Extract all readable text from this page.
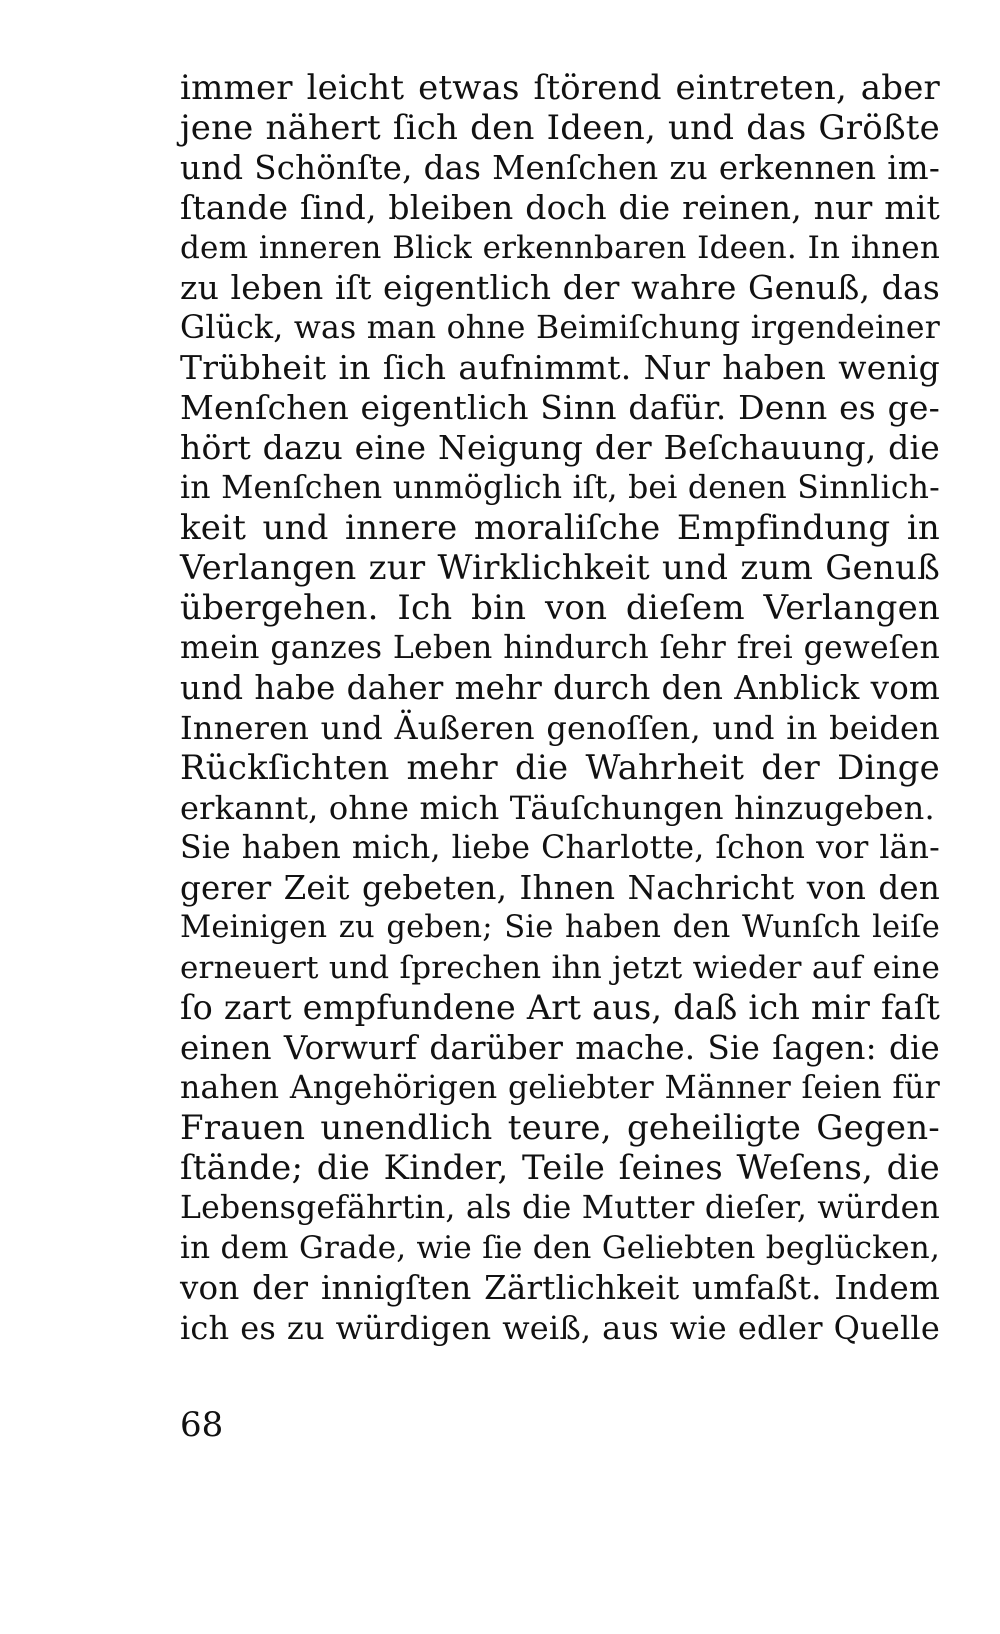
immer leicht etwas ſtörend eintreten, aber
jene nähert ſich den Ideen, und das Größte
und Schönſte, das Menſchen zu erkennen im-
ſtande ſind, bleiben doch die reinen, nur mit
dem inneren Blick erkennbaren Ideen. In ihnen
zu leben iſt eigentlich der wahre Genuß, das
Glück, was man ohne Beimiſchung irgendeiner
Trübheit in ſich aufnimmt. Nur haben wenig
Menſchen eigentlich Sinn dafür. Denn es ge-
hört dazu eine Neigung der Beſchauung, die
in Menſchen unmöglich iſt, bei denen Sinnlich-
keit und innere moraliſche Empfindung in
Verlangen zur Wirklichkeit und zum Genuß
übergehen. Ich bin von dieſem Verlangen
mein ganzes Leben hindurch ſehr frei geweſen
und habe daher mehr durch den Anblick vom
Inneren und Äußeren genoſſen, und in beiden
Rückſichten mehr die Wahrheit der Dinge
erkannt, ohne mich Täuſchungen hinzugeben.
Sie haben mich, liebe Charlotte, ſchon vor län-
gerer Zeit gebeten, Ihnen Nachricht von den
Meinigen zu geben; Sie haben den Wunſch leiſe
erneuert und ſprechen ihn jetzt wieder auf eine
ſo zart empfundene Art aus, daß ich mir faſt
einen Vorwurf darüber mache. Sie ſagen: die
nahen Angehörigen geliebter Männer ſeien für
Frauen unendlich teure, geheiligte Gegen-
ſtände; die Kinder, Teile ſeines Weſens, die
Lebensgefährtin, als die Mutter dieſer, würden
in dem Grade, wie ſie den Geliebten beglücken,
von der innigſten Zärtlichkeit umfaßt. Indem
ich es zu würdigen weiß, aus wie edler Quelle
68
